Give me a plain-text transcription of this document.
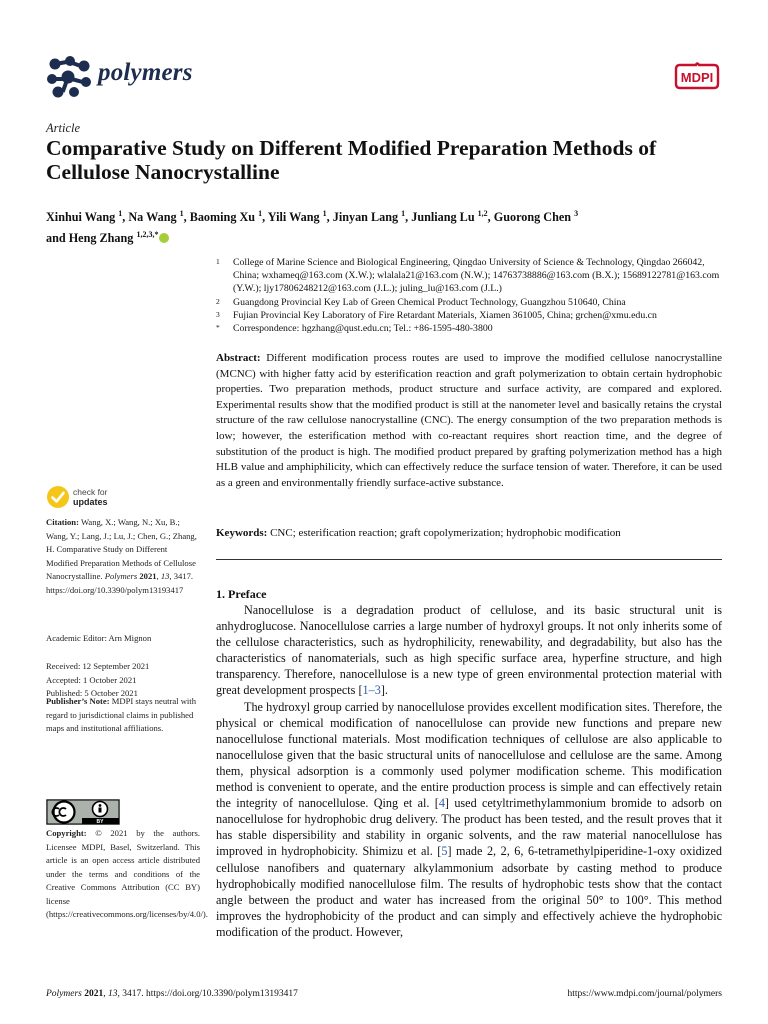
polymers	MDPI
Article
Comparative Study on Different Modified Preparation Methods of Cellulose Nanocrystalline
Xinhui Wang $^1$, Na Wang $^1$, Baoming Xu $^1$, Yili Wang $^1$, Jinyan Lang $^1$, Junliang Lu $^{1,2}$, Guorong Chen $^3$
and Heng Zhang $^{1,2,3,*}$
1 College of Marine Science and Biological Engineering, Qingdao University of Science & Technology, Qingdao 266042, China; wxhameq@163.com (X.W.); wlalala21@163.com (N.W.); 14763738886@163.com (B.X.); 15689122781@163.com (Y.W.); ljy17806248212@163.com (J.L.); juling_lu@163.com (J.L.)
2 Guangdong Provincial Key Lab of Green Chemical Product Technology, Guangzhou 510640, China
3 Fujian Provincial Key Laboratory of Fire Retardant Materials, Xiamen 361005, China; grchen@xmu.edu.cn
* Correspondence: hgzhang@qust.edu.cn; Tel.: +86-1595-480-3800
Abstract: Different modification process routes are used to improve the modified cellulose nanocrystalline (MCNC) with higher fatty acid by esterification reaction and graft polymerization to obtain certain hydrophobic properties. Two preparation methods, product structure and surface activity, are compared and explored. Experimental results show that the modified product is still at the nanometer level and basically retains the crystal structure of the raw cellulose nanocrystalline (CNC). The energy consumption of the two preparation methods is low; however, the esterification method with co-reactant requires short reaction time, and the degree of substitution of the product is high. The modified product prepared by grafting polymerization method has a high HLB value and amphiphilicity, which can effectively reduce the surface tension of water. Therefore, it can be used as a green and environmentally friendly surface-active substance.
Keywords: CNC; esterification reaction; graft copolymerization; hydrophobic modification
1. Preface

Nanocellulose is a degradation product of cellulose, and its basic structural unit is anhydroglucose. Nanocellulose carries a large number of hydroxyl groups. It not only inherits some of the cellulose characteristics, such as hydrophilicity, renewability, and degradability, but also has the characteristics of nanomaterials, such as high specific surface area, hyperfine structure, and high transparency. Therefore, nanocellulose is a new type of green environmental protection material with great development prospects [1–3].

The hydroxyl group carried by nanocellulose provides excellent modification sites. Therefore, the physical or chemical modification of nanocellulose can provide new functions and prepare new nanocellulose functional materials. Most modification techniques of cellulose are also applicable to nanocellulose given that the basic structural units of nanocellulose and cellulose are the same. Among them, physical adsorption is a commonly used polymer modification scheme. This modification method is convenient to operate, and the entire production process is simple and can effectively retain the integrity of nanocellulose. Qing et al. [4] used cetyltrimethylammonium bromide to adsorb on nanocellulose for hydrophobic drug delivery. The product has been tested, and the result proves that it has stable dispersibility and stability in organic solvents, and the raw material nanocellulose has improved in hydrophobicity. Shimizu et al. [5] made 2, 2, 6, 6-tetramethylpiperidine-1-oxy oxidized cellulose nanofibers and quaternary alkylammonium adsorbate by casting method to produce hydrophobically modified nanocellulose film. The results of hydrophobic tests show that the contact angle between the product and water has increased from the original 50° to 100°. This method improves the hydrophobicity of the product and can simply and effectively achieve the hydrophobic modification of the product. However,

check for
updates
Citation: Wang, X.; Wang, N.; Xu, B.; Wang, Y.; Lang, J.; Lu, J.; Chen, G.; Zhang, H. Comparative Study on Different Modified Preparation Methods of Cellulose Nanocrystalline. Polymers 2021, 13, 3417. https://doi.org/10.3390/polym13193417
Academic Editor: Arn Mignon
Received: 12 September 2021
Accepted: 1 October 2021
Published: 5 October 2021
Publisher’s Note: MDPI stays neutral with regard to jurisdictional claims in published maps and institutional affiliations.
BY
Copyright: © 2021 by the authors. Licensee MDPI, Basel, Switzerland. This article is an open access article distributed under the terms and conditions of the Creative Commons Attribution (CC BY) license (https://creativecommons.org/licenses/by/4.0/).
Polymers 2021, 13, 3417. https://doi.org/10.3390/polym13193417	https://www.mdpi.com/journal/polymers
